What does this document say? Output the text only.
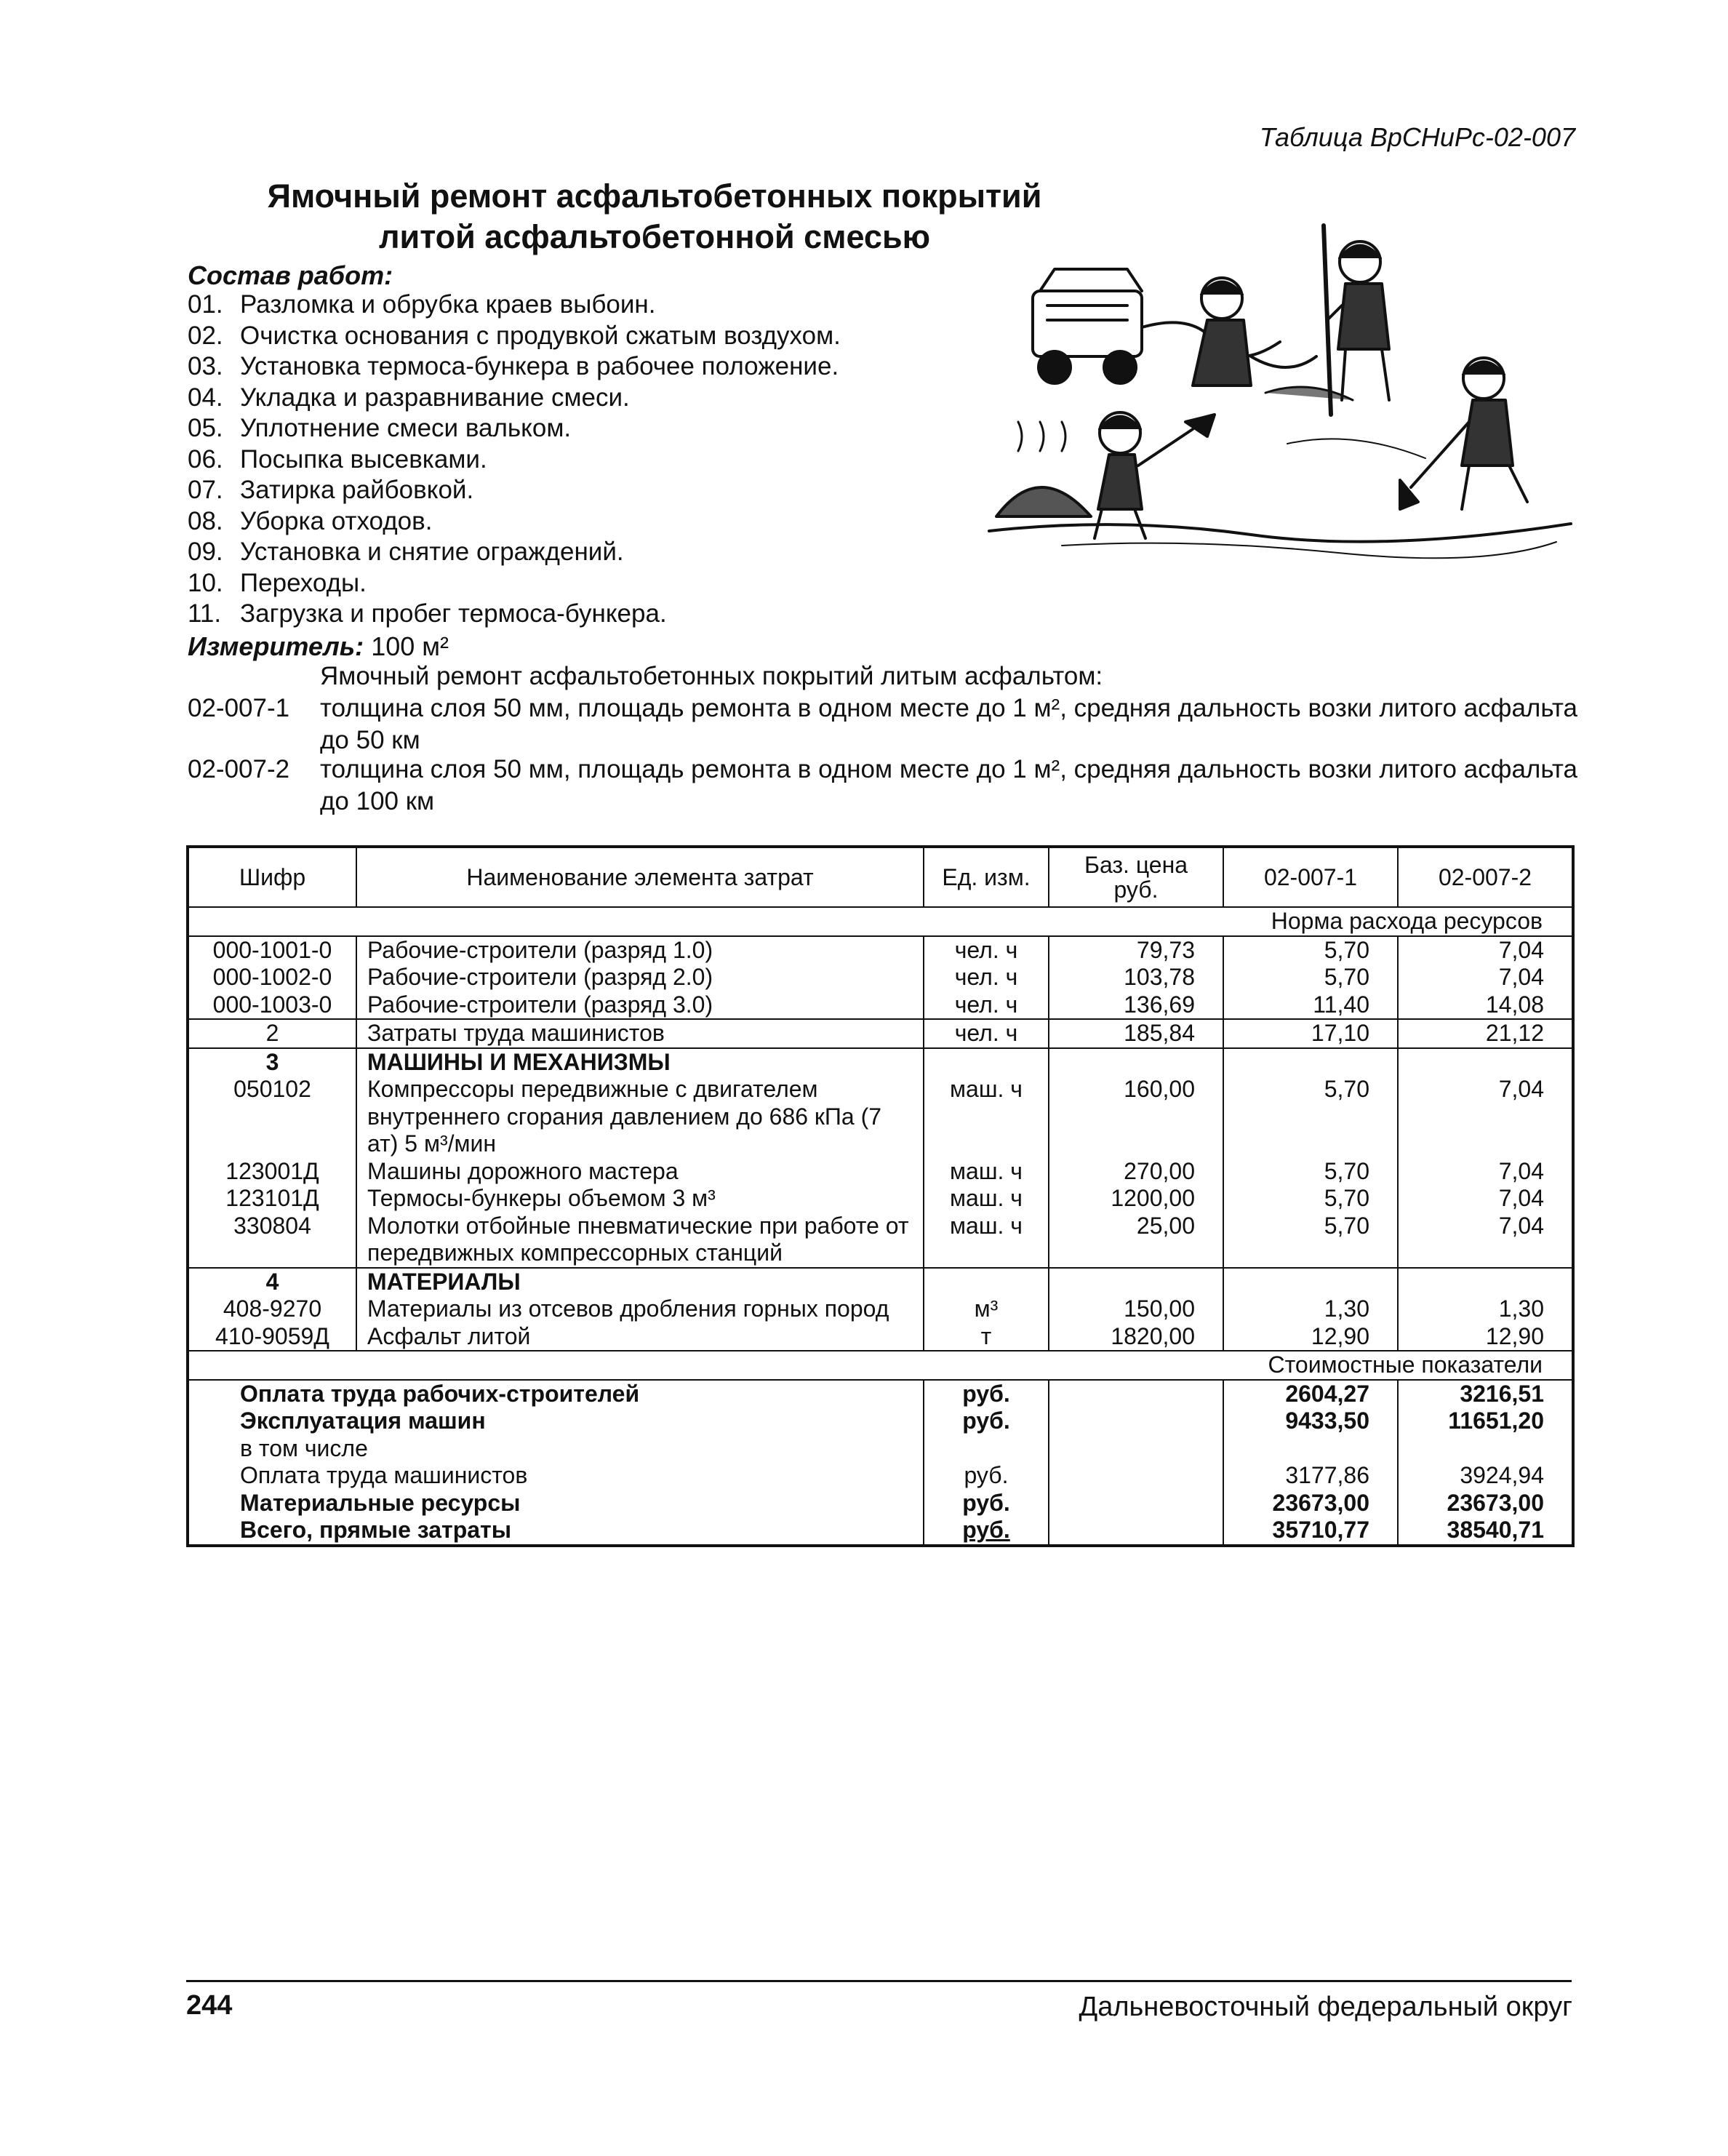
Таблица ВрСНиРс-02-007
Ямочный ремонт асфальтобетонных покрытий
литой асфальтобетонной смесью
Состав работ:
01. Разломка и обрубка краев выбоин.
02. Очистка основания с продувкой сжатым воздухом.
03. Установка термоса-бункера в рабочее положение.
04. Укладка и разравнивание смеси.
05. Уплотнение смеси вальком.
06. Посыпка высевками.
07. Затирка райбовкой.
08. Уборка отходов.
09. Установка и снятие ограждений.
10. Переходы.
11. Загрузка и пробег термоса-бункера.
Измеритель: 100 м²
Ямочный ремонт асфальтобетонных покрытий литым асфальтом:
02-007-1	толщина слоя 50 мм, площадь ремонта в одном месте до 1 м², средняя дальность возки литого асфальта до 50 км
02-007-2	толщина слоя 50 мм, площадь ремонта в одном месте до 1 м², средняя дальность возки литого асфальта до 100 км
Шифр	Наименование элемента затрат	Ед. изм.	Баз. цена руб.	02-007-1	02-007-2
Норма расхода ресурсов					
000-1001-0	Рабочие-строители (разряд 1.0)	чел. ч	79,73	5,70	7,04
000-1002-0	Рабочие-строители (разряд 2.0)	чел. ч	103,78	5,70	7,04
000-1003-0	Рабочие-строители (разряд 3.0)	чел. ч	136,69	11,40	14,08
2	Затраты труда машинистов	чел. ч	185,84	17,10	21,12
3	МАШИНЫ И МЕХАНИЗМЫ				
050102	Компрессоры передвижные с двигателем внутреннего сгорания давлением до 686 кПа (7 ат) 5 м³/мин	маш. ч	160,00	5,70	7,04
123001Д	Машины дорожного мастера	маш. ч	270,00	5,70	7,04
123101Д	Термосы-бункеры объемом 3 м³	маш. ч	1200,00	5,70	7,04
330804	Молотки отбойные пневматические при работе от передвижных компрессорных станций	маш. ч	25,00	5,70	7,04
4	МАТЕРИАЛЫ				
408-9270	Материалы из отсевов дробления горных пород	м³	150,00	1,30	1,30
410-9059Д	Асфальт литой	т	1820,00	12,90	12,90
Стоимостные показатели					
Оплата труда рабочих-строителей		руб.		2604,27	3216,51
Эксплуатация машин		руб.		9433,50	11651,20
в том числе					
Оплата труда машинистов		руб.		3177,86	3924,94
Материальные ресурсы		руб.		23673,00	23673,00
Всего, прямые затраты		руб.		35710,77	38540,71
244	Дальневосточный федеральный округ
